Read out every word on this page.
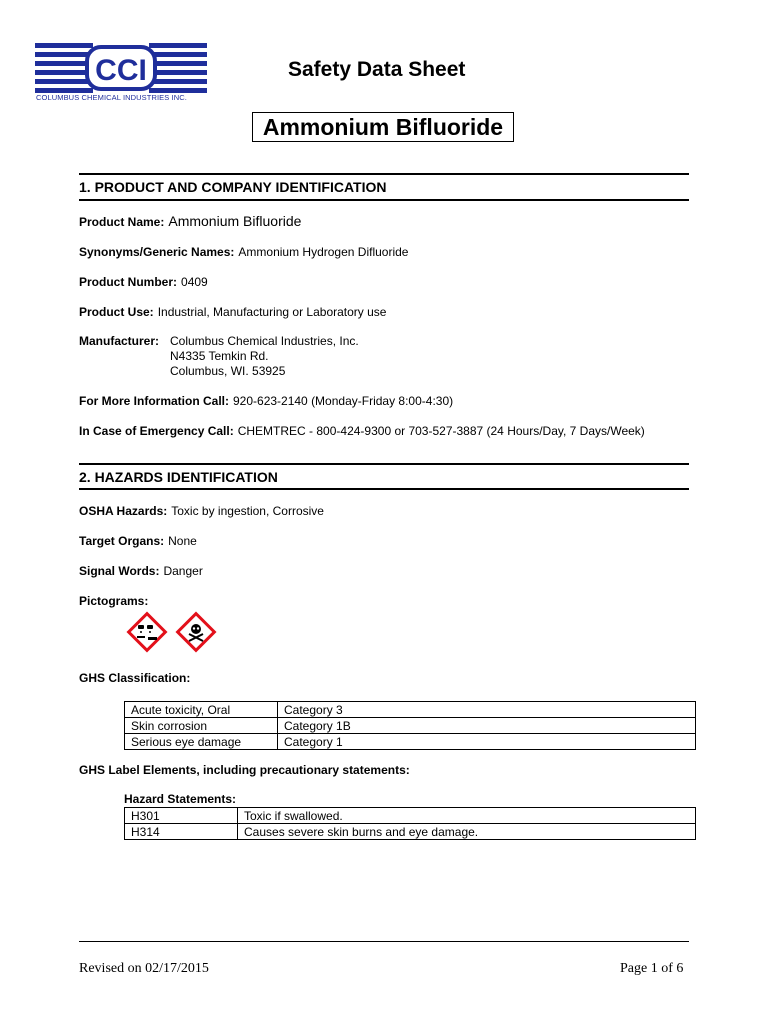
CCI
COLUMBUS CHEMICAL INDUSTRIES INC.
Safety Data Sheet
Ammonium Bifluoride
1. PRODUCT AND COMPANY IDENTIFICATION
Product Name: Ammonium Bifluoride
Synonyms/Generic Names: Ammonium Hydrogen Difluoride
Product Number: 0409
Product Use: Industrial, Manufacturing or Laboratory use
Manufacturer: Columbus Chemical Industries, Inc.
N4335 Temkin Rd.
Columbus, WI. 53925
For More Information Call: 920-623-2140 (Monday-Friday 8:00-4:30)
In Case of Emergency Call: CHEMTREC - 800-424-9300 or 703-527-3887 (24 Hours/Day, 7 Days/Week)
2. HAZARDS IDENTIFICATION
OSHA Hazards: Toxic by ingestion, Corrosive
Target Organs: None
Signal Words: Danger
Pictograms:
GHS Classification:
Acute toxicity, Oral	Category 3
Skin corrosion	Category 1B
Serious eye damage	Category 1
GHS Label Elements, including precautionary statements:
Hazard Statements:
H301	Toxic if swallowed.
H314	Causes severe skin burns and eye damage.
Revised on 02/17/2015	Page 1 of 6
